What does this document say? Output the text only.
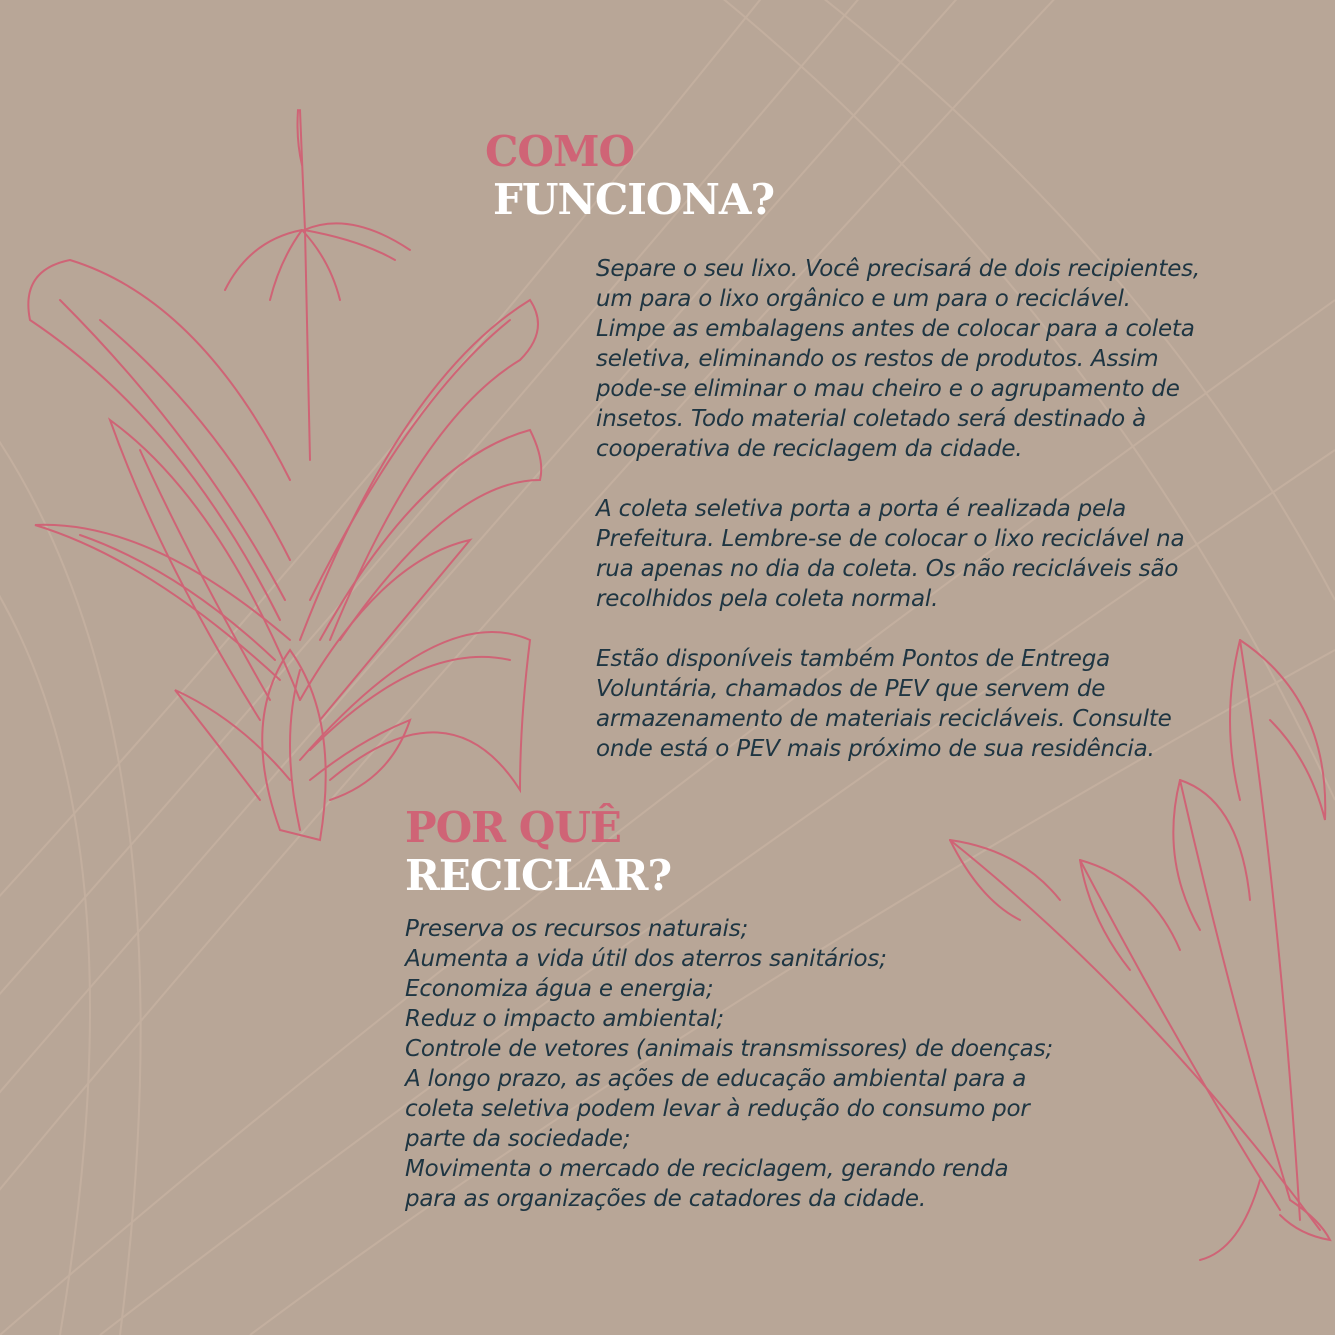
COMO
FUNCIONA?

Separe o seu lixo. Você precisará de dois recipientes,
um para o lixo orgânico e um para o reciclável.
Limpe as embalagens antes de colocar para a coleta
seletiva, eliminando os restos de produtos. Assim
pode-se eliminar o mau cheiro e o agrupamento de
insetos. Todo material coletado será destinado à
cooperativa de reciclagem da cidade.

A coleta seletiva porta a porta é realizada pela
Prefeitura. Lembre-se de colocar o lixo reciclável na
rua apenas no dia da coleta. Os não recicláveis são
recolhidos pela coleta normal.

Estão disponíveis também Pontos de Entrega
Voluntária, chamados de PEV que servem de
armazenamento de materiais recicláveis. Consulte
onde está o PEV mais próximo de sua residência.

POR QUÊ
RECICLAR?

Preserva os recursos naturais;
Aumenta a vida útil dos aterros sanitários;
Economiza água e energia;
Reduz o impacto ambiental;
Controle de vetores (animais transmissores) de doenças;
A longo prazo, as ações de educação ambiental para a
coleta seletiva podem levar à redução do consumo por
parte da sociedade;
Movimenta o mercado de reciclagem, gerando renda
para as organizações de catadores da cidade.
